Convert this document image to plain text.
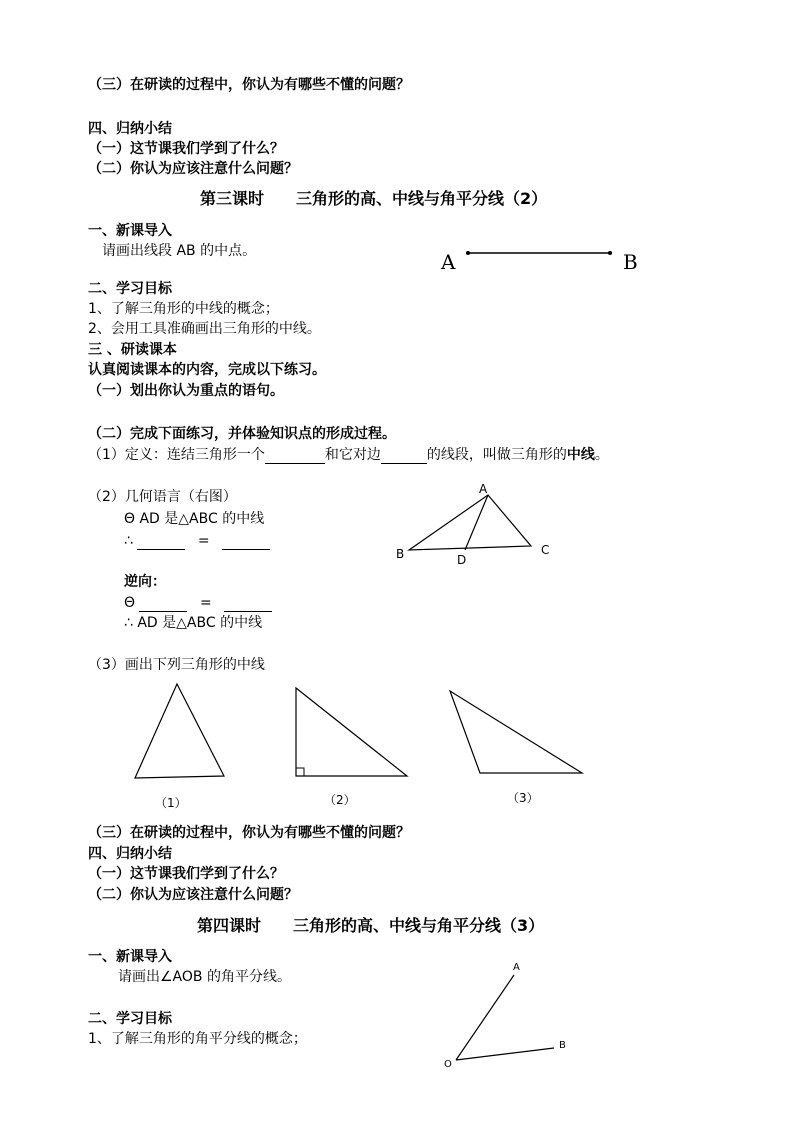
（三）在研读的过程中，你认为有哪些不懂的问题？
四、归纳小结
（一）这节课我们学到了什么？
（二）你认为应该注意什么问题？
第三课时　　三角形的高、中线与角平分线（2）
一、新课导入
请画出线段 AB 的中点。	A	B
二、学习目标
1、了解三角形的中线的概念；
2、会用工具准确画出三角形的中线。
三 、研读课本
认真阅读课本的内容，完成以下练习。
（一）划出你认为重点的语句。
（二）完成下面练习，并体验知识点的形成过程。
（1）定义：连结三角形一个	和它对边	的线段，叫做三角形的中线。
（2）几何语言（右图）
Θ AD 是△ABC 的中线
∴	=
A
B	C
D
逆向：
Θ	=
∴ AD 是△ABC 的中线
（3）画出下列三角形的中线
（1）	（2）	（3）
（三）在研读的过程中，你认为有哪些不懂的问题？
四、归纳小结
（一）这节课我们学到了什么？
（二）你认为应该注意什么问题？
第四课时　　三角形的高、中线与角平分线（3）
一、新课导入
请画出∠AOB 的角平分线。
A
B
O
二、学习目标
1、了解三角形的角平分线的概念；
